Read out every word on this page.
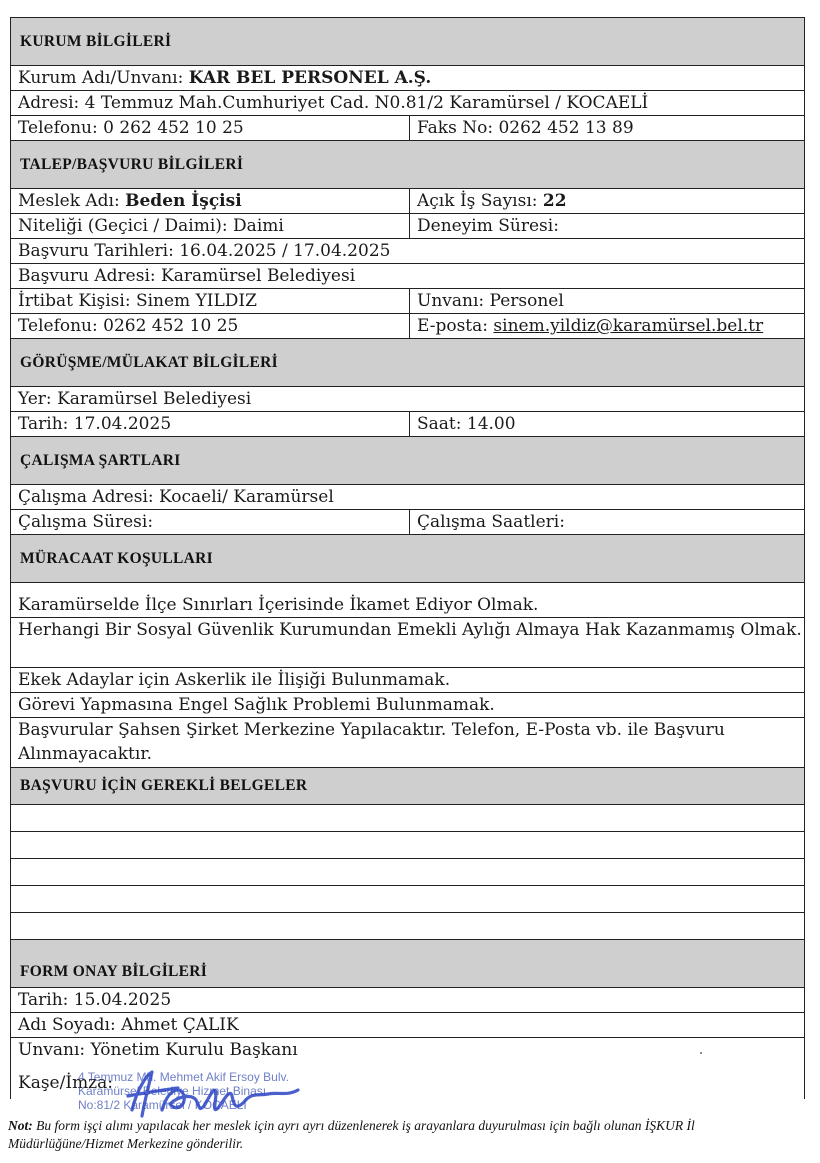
KURUM BİLGİLERİ
Kurum Adı/Unvanı: KAR BEL PERSONEL A.Ş.
Adresi: 4 Temmuz Mah.Cumhuriyet Cad. N0.81/2 Karamürsel / KOCAELİ
Telefonu: 0 262 452 10 25	Faks No: 0262 452 13 89
TALEP/BAŞVURU BİLGİLERİ
Meslek Adı: Beden İşçisi	Açık İş Sayısı: 22
Niteliği (Geçici / Daimi): Daimi	Deneyim Süresi:
Başvuru Tarihleri: 16.04.2025 / 17.04.2025
Başvuru Adresi: Karamürsel Belediyesi
İrtibat Kişisi: Sinem YILDIZ	Unvanı: Personel
Telefonu: 0262 452 10 25	E-posta: sinem.yildiz@karamürsel.bel.tr
GÖRÜŞME/MÜLAKAT BİLGİLERİ
Yer: Karamürsel Belediyesi
Tarih: 17.04.2025	Saat: 14.00
ÇALIŞMA ŞARTLARI
Çalışma Adresi: Kocaeli/ Karamürsel
Çalışma Süresi:	Çalışma Saatleri:
MÜRACAAT KOŞULLARI
Karamürselde İlçe Sınırları İçerisinde İkamet Ediyor Olmak.
Herhangi Bir Sosyal Güvenlik Kurumundan Emekli Aylığı Almaya Hak Kazanmamış Olmak.
Ekek Adaylar için Askerlik ile İlişiği Bulunmamak.
Görevi Yapmasına Engel Sağlık Problemi Bulunmamak.
Başvurular Şahsen Şirket Merkezine Yapılacaktır. Telefon, E-Posta vb. ile Başvuru Alınmayacaktır.
BAŞVURU İÇİN GEREKLİ BELGELER
FORM ONAY BİLGİLERİ
Tarih: 15.04.2025
Adı Soyadı: Ahmet ÇALIK
Unvanı: Yönetim Kurulu Başkanı
Kaşe/İmza:
4 Temmuz Mh. Mehmet Akif Ersoy Bulv.
Karamürsel Belediye Hizmet Binası
No:81/2 Karamürsel / KOCAELİ
Not: Bu form işçi alımı yapılacak her meslek için ayrı ayrı düzenlenerek iş arayanlara duyurulması için bağlı olunan İŞKUR İl Müdürlüğüne/Hizmet Merkezine gönderilir.
